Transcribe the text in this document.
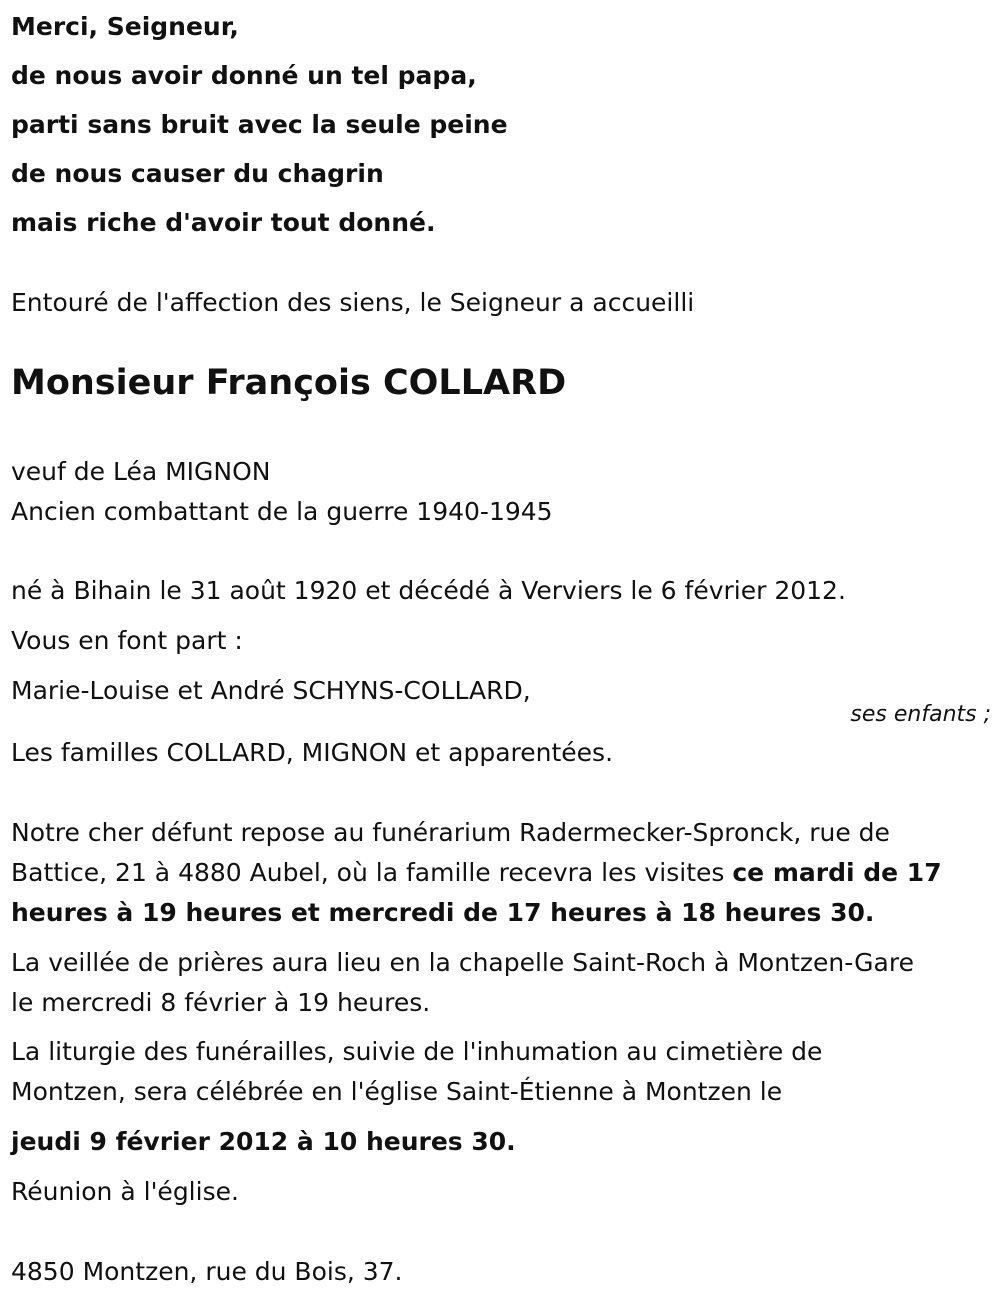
Merci, Seigneur,
de nous avoir donné un tel papa,
parti sans bruit avec la seule peine
de nous causer du chagrin
mais riche d'avoir tout donné.
Entouré de l'affection des siens, le Seigneur a accueilli
Monsieur François COLLARD
veuf de Léa MIGNON
Ancien combattant de la guerre 1940-1945
né à Bihain le 31 août 1920 et décédé à Verviers le 6 février 2012.
Vous en font part :
Marie-Louise et André SCHYNS-COLLARD,
ses enfants ;
Les familles COLLARD, MIGNON et apparentées.
Notre cher défunt repose au funérarium Radermecker-Spronck, rue de
Battice, 21 à 4880 Aubel, où la famille recevra les visites ce mardi de 17
heures à 19 heures et mercredi de 17 heures à 18 heures 30.
La veillée de prières aura lieu en la chapelle Saint-Roch à Montzen-Gare
le mercredi 8 février à 19 heures.
La liturgie des funérailles, suivie de l'inhumation au cimetière de
Montzen, sera célébrée en l'église Saint-Étienne à Montzen le
jeudi 9 février 2012 à 10 heures 30.
Réunion à l'église.
4850 Montzen, rue du Bois, 37.
